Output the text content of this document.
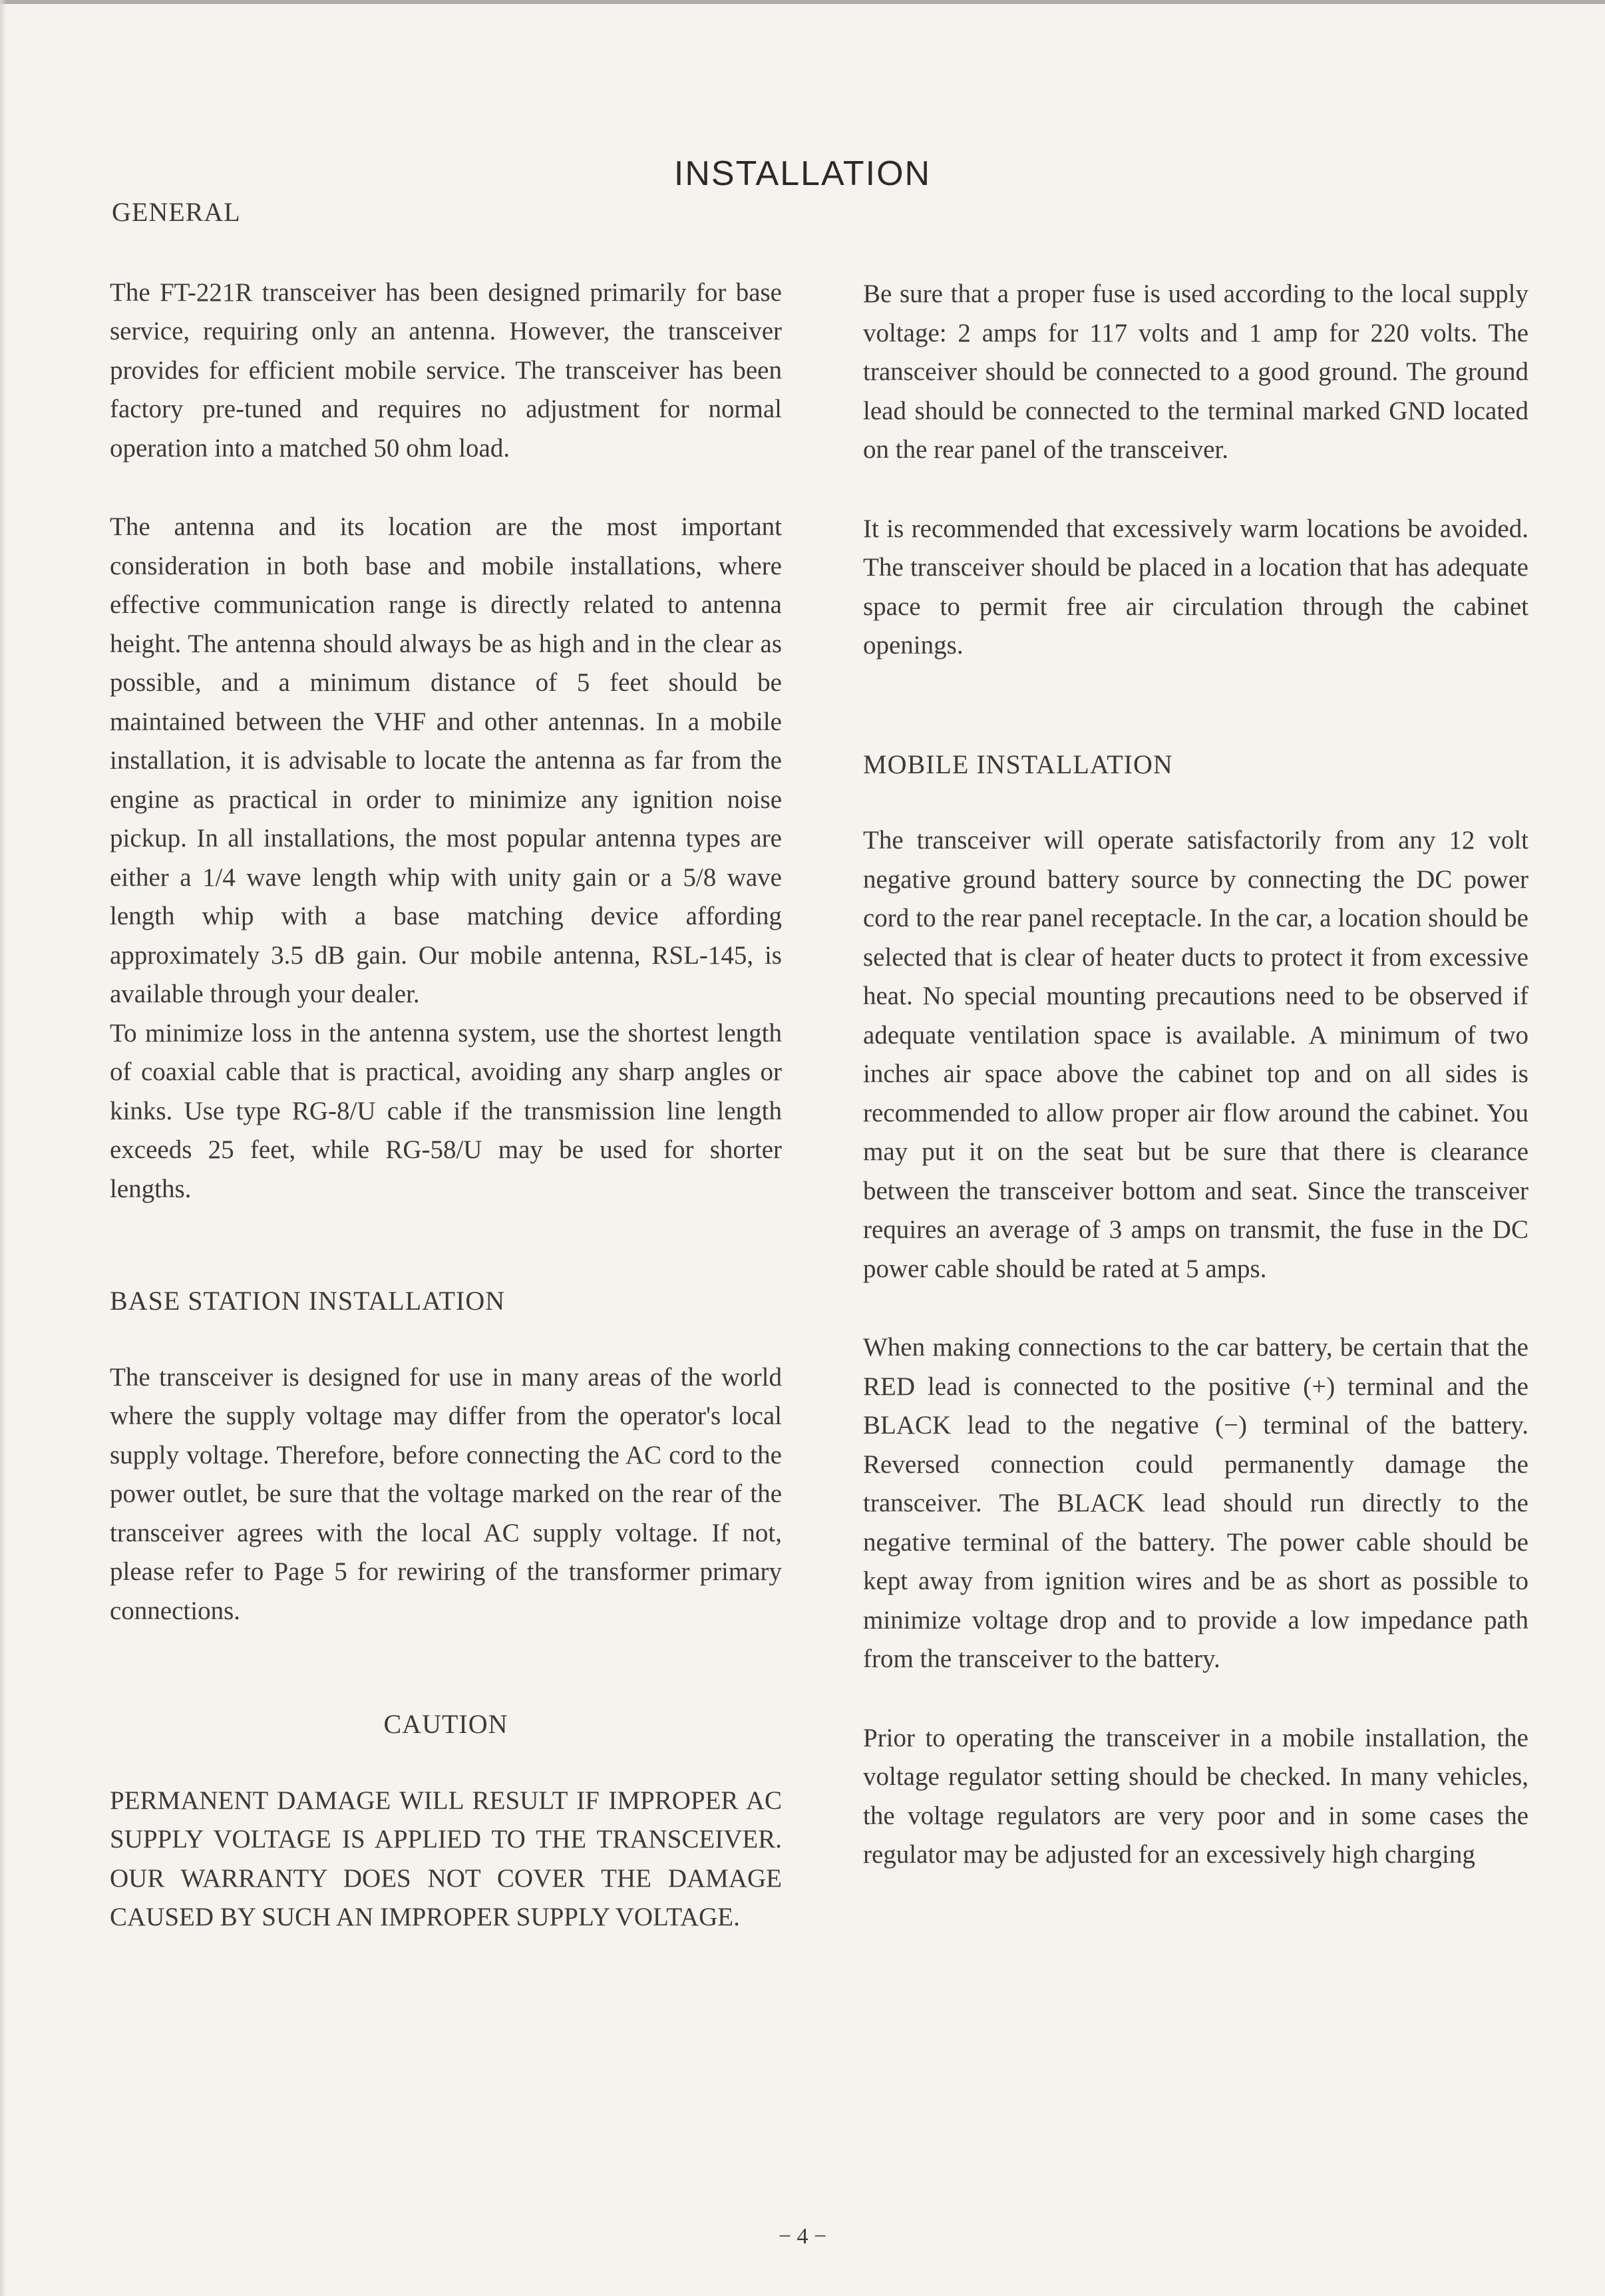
INSTALLATION
GENERAL

The FT-221R transceiver has been designed primarily for base service, requiring only an antenna. However, the transceiver provides for efficient mobile service. The transceiver has been factory pre-tuned and requires no adjustment for normal operation into a matched 50 ohm load.

The antenna and its location are the most important consideration in both base and mobile installations, where effective communication range is directly related to antenna height. The antenna should always be as high and in the clear as possible, and a minimum distance of 5 feet should be maintained between the VHF and other antennas. In a mobile installation, it is advisable to locate the antenna as far from the engine as practical in order to minimize any ignition noise pickup. In all installations, the most popular antenna types are either a 1/4 wave length whip with unity gain or a 5/8 wave length whip with a base matching device affording approximately 3.5 dB gain. Our mobile antenna, RSL-145, is available through your dealer.

To minimize loss in the antenna system, use the shortest length of coaxial cable that is practical, avoiding any sharp angles or kinks. Use type RG-8/U cable if the transmission line length exceeds 25 feet, while RG-58/U may be used for shorter lengths.

BASE STATION INSTALLATION

The transceiver is designed for use in many areas of the world where the supply voltage may differ from the operator's local supply voltage. Therefore, before connecting the AC cord to the power outlet, be sure that the voltage marked on the rear of the transceiver agrees with the local AC supply voltage. If not, please refer to Page 5 for rewiring of the transformer primary connections.

CAUTION

PERMANENT DAMAGE WILL RESULT IF IMPROPER AC SUPPLY VOLTAGE IS APPLIED TO THE TRANSCEIVER. OUR WARRANTY DOES NOT COVER THE DAMAGE CAUSED BY SUCH AN IMPROPER SUPPLY VOLTAGE.

Be sure that a proper fuse is used according to the local supply voltage: 2 amps for 117 volts and 1 amp for 220 volts. The transceiver should be connected to a good ground. The ground lead should be connected to the terminal marked GND located on the rear panel of the transceiver.

It is recommended that excessively warm locations be avoided. The transceiver should be placed in a location that has adequate space to permit free air circulation through the cabinet openings.

MOBILE INSTALLATION

The transceiver will operate satisfactorily from any 12 volt negative ground battery source by connecting the DC power cord to the rear panel receptacle. In the car, a location should be selected that is clear of heater ducts to protect it from excessive heat. No special mounting precautions need to be observed if adequate ventilation space is available. A minimum of two inches air space above the cabinet top and on all sides is recommended to allow proper air flow around the cabinet. You may put it on the seat but be sure that there is clearance between the transceiver bottom and seat. Since the transceiver requires an average of 3 amps on transmit, the fuse in the DC power cable should be rated at 5 amps.

When making connections to the car battery, be certain that the RED lead is connected to the positive (+) terminal and the BLACK lead to the negative (−) terminal of the battery. Reversed connection could permanently damage the transceiver. The BLACK lead should run directly to the negative terminal of the battery. The power cable should be kept away from ignition wires and be as short as possible to minimize voltage drop and to provide a low impedance path from the transceiver to the battery.

Prior to operating the transceiver in a mobile installation, the voltage regulator setting should be checked. In many vehicles, the voltage regulators are very poor and in some cases the regulator may be adjusted for an excessively high charging

− 4 −
